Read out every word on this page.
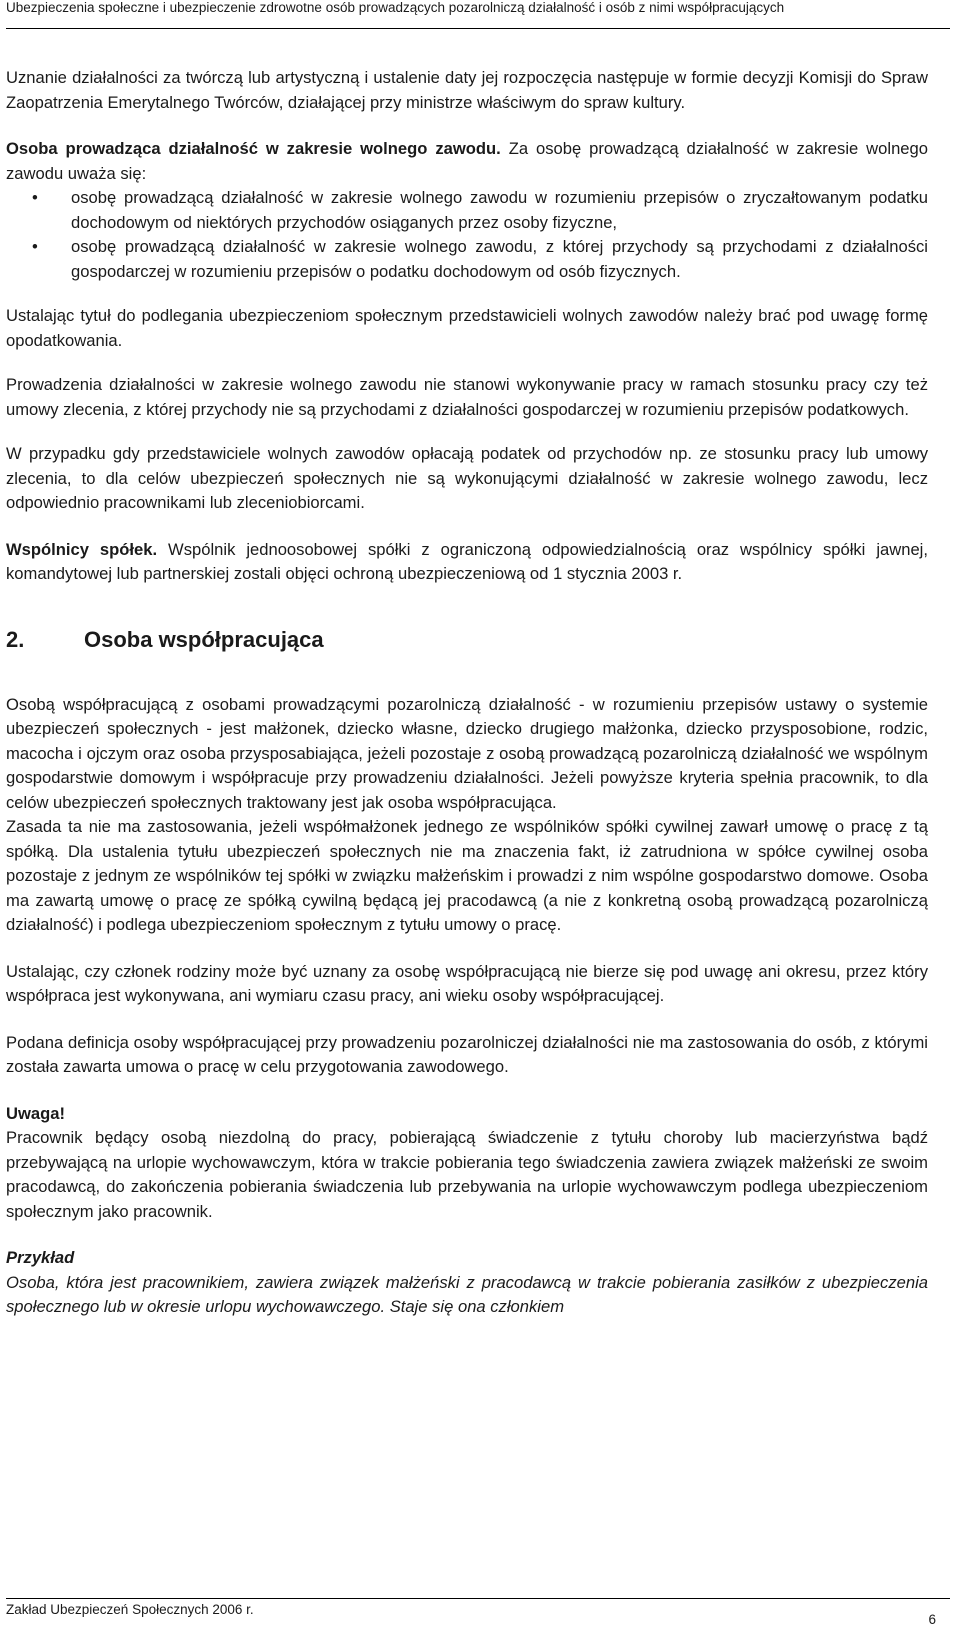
Ubezpieczenia społeczne i ubezpieczenie zdrowotne osób prowadzących pozarolniczą działalność i osób z nimi współpracujących

Uznanie działalności za twórczą lub artystyczną i ustalenie daty jej rozpoczęcia następuje w formie decyzji Komisji do Spraw Zaopatrzenia Emerytalnego Twórców, działającej przy ministrze właściwym do spraw kultury.

Osoba prowadząca działalność w zakresie wolnego zawodu. Za osobę prowadzącą działalność w zakresie wolnego zawodu uważa się:

• osobę prowadzącą działalność w zakresie wolnego zawodu w rozumieniu przepisów o zryczałtowanym podatku dochodowym od niektórych przychodów osiąganych przez osoby fizyczne,
• osobę prowadzącą działalność w zakresie wolnego zawodu, z której przychody są przychodami z działalności gospodarczej w rozumieniu przepisów o podatku dochodowym od osób fizycznych.

Ustalając tytuł do podlegania ubezpieczeniom społecznym przedstawicieli wolnych zawodów należy brać pod uwagę formę opodatkowania.

Prowadzenia działalności w zakresie wolnego zawodu nie stanowi wykonywanie pracy w ramach stosunku pracy czy też umowy zlecenia, z której przychody nie są przychodami z działalności gospodarczej w rozumieniu przepisów podatkowych.

W przypadku gdy przedstawiciele wolnych zawodów opłacają podatek od przychodów np. ze stosunku pracy lub umowy zlecenia, to dla celów ubezpieczeń społecznych nie są wykonującymi działalność w zakresie wolnego zawodu, lecz odpowiednio pracownikami lub zleceniobiorcami.

Wspólnicy spółek. Wspólnik jednoosobowej spółki z ograniczoną odpowiedzialnością oraz wspólnicy spółki jawnej, komandytowej lub partnerskiej zostali objęci ochroną ubezpieczeniową od 1 stycznia 2003 r.

2.	Osoba współpracująca

Osobą współpracującą z osobami prowadzącymi pozarolniczą działalność - w rozumieniu przepisów ustawy o systemie ubezpieczeń społecznych - jest małżonek, dziecko własne, dziecko drugiego małżonka, dziecko przysposobione, rodzic, macocha i ojczym oraz osoba przysposabiająca, jeżeli pozostaje z osobą prowadzącą pozarolniczą działalność we wspólnym gospodarstwie domowym i współpracuje przy prowadzeniu działalności. Jeżeli powyższe kryteria spełnia pracownik, to dla celów ubezpieczeń społecznych traktowany jest jak osoba współpracująca.

Zasada ta nie ma zastosowania, jeżeli współmałżonek jednego ze wspólników spółki cywilnej zawarł umowę o pracę z tą spółką. Dla ustalenia tytułu ubezpieczeń społecznych nie ma znaczenia fakt, iż zatrudniona w spółce cywilnej osoba pozostaje z jednym ze wspólników tej spółki w związku małżeńskim i prowadzi z nim wspólne gospodarstwo domowe. Osoba ma zawartą umowę o pracę ze spółką cywilną będącą jej pracodawcą (a nie z konkretną osobą prowadzącą pozarolniczą działalność) i podlega ubezpieczeniom społecznym z tytułu umowy o pracę.

Ustalając, czy członek rodziny może być uznany za osobę współpracującą nie bierze się pod uwagę ani okresu, przez który współpraca jest wykonywana, ani wymiaru czasu pracy, ani wieku osoby współpracującej.

Podana definicja osoby współpracującej przy prowadzeniu pozarolniczej działalności nie ma zastosowania do osób, z którymi została zawarta umowa o pracę w celu przygotowania zawodowego.

Uwaga!

Pracownik będący osobą niezdolną do pracy, pobierającą świadczenie z tytułu choroby lub macierzyństwa bądź przebywającą na urlopie wychowawczym, która w trakcie pobierania tego świadczenia zawiera związek małżeński ze swoim pracodawcą, do zakończenia pobierania świadczenia lub przebywania na urlopie wychowawczym podlega ubezpieczeniom społecznym jako pracownik.

Przykład

Osoba, która jest pracownikiem, zawiera związek małżeński z pracodawcą w trakcie pobierania zasiłków z ubezpieczenia społecznego lub w okresie urlopu wychowawczego. Staje się ona członkiem

Zakład Ubezpieczeń Społecznych 2006 r.
6
